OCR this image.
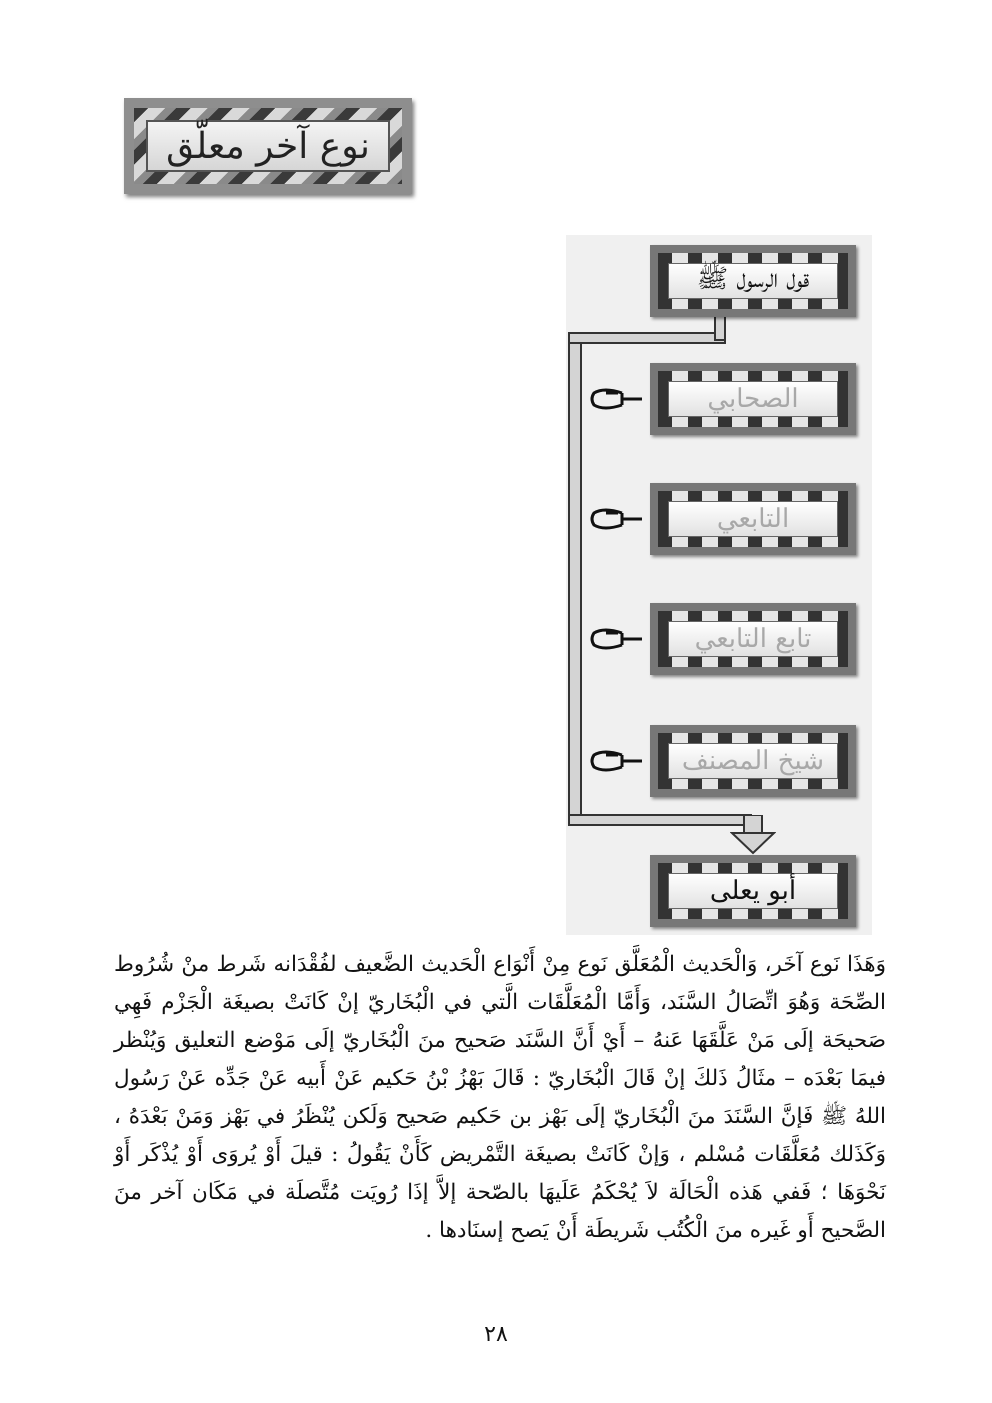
نوع آخر معلّق
قول الرسول ﷺ
الصحابي
التابعي
تابع التابعي
شيخ المصنف
أبو يعلى
وَهَذَا نَوع آخَر، وَالْحَديث الْمُعَلَّق نَوع مِنْ أَنْوَاع الْحَديث الضَّعيف لفُقْدَانه شَرط منْ شُرُوط الصِّحَة وَهُوَ اتِّصَالُ السَّنَد، وَأَمَّا الْمُعَلَّقَات الَّتي في الْبُخَاريّ إنْ كَانَتْ بصيغَة الْجَزْم فَهِي صَحيحَة إلَى مَنْ عَلَّقَهَا عَنهُ – أَيْ أَنَّ السَّنَد صَحيح منَ الْبُخَاريّ إلَى مَوْضع التعليق وَيُنْظر فيمَا بَعْدَه – مثَالُ ذَلكَ إنْ قَالَ الْبُخَاريّ : قَالَ بَهْزُ بْنُ حَكيم عَنْ أَبيه عَنْ جَدِّه عَنْ رَسُول اللهُ ﷺ فَإنَّ السَّنَدَ منَ الْبُخَاريّ إلَى بَهْز بن حَكيم صَحيح وَلَكن يُنْظَرُ في بَهْز وَمَنْ بَعْدَهُ ، وَكَذَلك مُعَلَّقَات مُسْلم ، وَإنْ كَانَتْ بصيغَة التَّمْريض كَأَنْ يَقُولُ : قيلَ أَوْ يُروَى أَوْ يُذْكَر أَوْ نَحْوَهَا ؛ فَفي هَذه الْحَالَة لاَ يُحْكَمُ عَلَيهَا بالصّحة إلاَّ إذَا رُويَت مُتَّصلَة في مَكَان آخر منَ الصَّحيح أَو غَيره منَ الْكُتُب شَريطَة أَنْ يَصح إسنَادها .
٢٨
